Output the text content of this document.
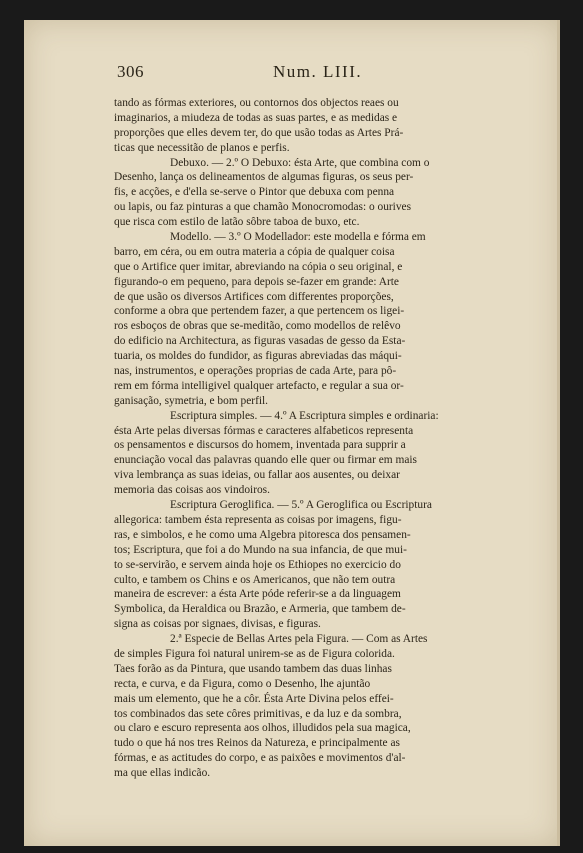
306	Num. LIII.
tando as fórmas exteriores, ou contornos dos objectos reaes ou
imaginarios, a miudeza de todas as suas partes, e as medidas e
proporções que elles devem ter, do que usão todas as Artes Prá-
ticas que necessitão de planos e perfis.
Debuxo. — 2.º O Debuxo: ésta Arte, que combina com o
Desenho, lança os delineamentos de algumas figuras, os seus per-
fis, e acções, e d'ella se-serve o Pintor que debuxa com penna
ou lapis, ou faz pinturas a que chamão Monocromodas: o ourives
que risca com estilo de latão sôbre taboa de buxo, etc.
Modello. — 3.º O Modellador: este modella e fórma em
barro, em céra, ou em outra materia a cópia de qualquer coisa
que o Artifice quer imitar, abreviando na cópia o seu original, e
figurando-o em pequeno, para depois se-fazer em grande: Arte
de que usão os diversos Artifices com differentes proporções,
conforme a obra que pertendem fazer, a que pertencem os ligei-
ros esboços de obras que se-meditão, como modellos de relêvo
do edificio na Architectura, as figuras vasadas de gesso da Esta-
tuaria, os moldes do fundidor, as figuras abreviadas das máqui-
nas, instrumentos, e operações proprias de cada Arte, para pô-
rem em fórma intelligivel qualquer artefacto, e regular a sua or-
ganisação, symetria, e bom perfil.
Escriptura simples. — 4.º A Escriptura simples e ordinaria:
ésta Arte pelas diversas fórmas e caracteres alfabeticos representa
os pensamentos e discursos do homem, inventada para supprir a
enunciação vocal das palavras quando elle quer ou firmar em mais
viva lembrança as suas ideias, ou fallar aos ausentes, ou deixar
memoria das coisas aos vindoiros.
Escriptura Geroglifica. — 5.º A Geroglifica ou Escriptura
allegorica: tambem ésta representa as coisas por imagens, figu-
ras, e simbolos, e he como uma Algebra pitoresca dos pensamen-
tos; Escriptura, que foi a do Mundo na sua infancia, de que mui-
to se-servirão, e servem ainda hoje os Ethiopes no exercicio do
culto, e tambem os Chins e os Americanos, que não tem outra
maneira de escrever: a ésta Arte póde referir-se a da linguagem
Symbolica, da Heraldica ou Brazão, e Armeria, que tambem de-
signa as coisas por signaes, divisas, e figuras.
2.ª Especie de Bellas Artes pela Figura. — Com as Artes
de simples Figura foi natural unirem-se as de Figura colorida.
Taes forão as da Pintura, que usando tambem das duas linhas
recta, e curva, e da Figura, como o Desenho, lhe ajuntão
mais um elemento, que he a côr. Ésta Arte Divina pelos effei-
tos combinados das sete côres primitivas, e da luz e da sombra,
ou claro e escuro representa aos olhos, illudidos pela sua magica,
tudo o que há nos tres Reinos da Natureza, e principalmente as
fórmas, e as actitudes do corpo, e as paixões e movimentos d'al-
ma que ellas indicão.
